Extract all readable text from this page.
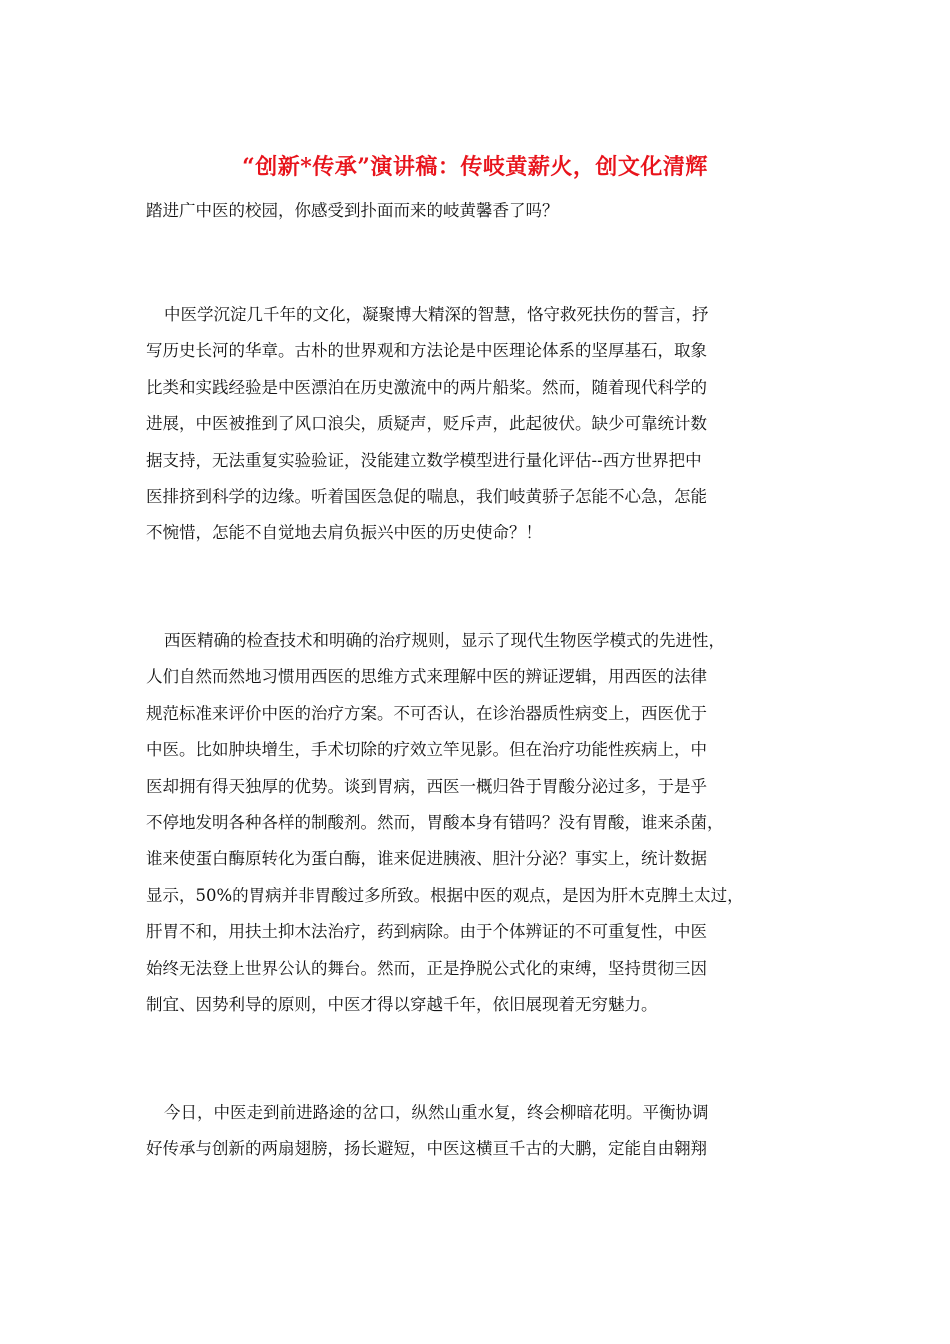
“创新*传承”演讲稿：传岐黄薪火，创文化清辉
踏进广中医的校园，你感受到扑面而来的岐黄馨香了吗？
中医学沉淀几千年的文化，凝聚博大精深的智慧，恪守救死扶伤的誓言，抒
写历史长河的华章。古朴的世界观和方法论是中医理论体系的坚厚基石，取象
比类和实践经验是中医漂泊在历史激流中的两片船桨。然而，随着现代科学的
进展，中医被推到了风口浪尖，质疑声，贬斥声，此起彼伏。缺少可靠统计数
据支持，无法重复实验验证，没能建立数学模型进行量化评估--西方世界把中
医排挤到科学的边缘。听着国医急促的喘息，我们岐黄骄子怎能不心急，怎能
不惋惜，怎能不自觉地去肩负振兴中医的历史使命？！
西医精确的检查技术和明确的治疗规则，显示了现代生物医学模式的先进性，
人们自然而然地习惯用西医的思维方式来理解中医的辨证逻辑，用西医的法律
规范标准来评价中医的治疗方案。不可否认，在诊治器质性病变上，西医优于
中医。比如肿块增生，手术切除的疗效立竿见影。但在治疗功能性疾病上，中
医却拥有得天独厚的优势。谈到胃病，西医一概归咎于胃酸分泌过多，于是乎
不停地发明各种各样的制酸剂。然而，胃酸本身有错吗？没有胃酸，谁来杀菌，
谁来使蛋白酶原转化为蛋白酶，谁来促进胰液、胆汁分泌？事实上，统计数据
显示，50%的胃病并非胃酸过多所致。根据中医的观点，是因为肝木克脾土太过，
肝胃不和，用扶土抑木法治疗，药到病除。由于个体辨证的不可重复性，中医
始终无法登上世界公认的舞台。然而，正是挣脱公式化的束缚，坚持贯彻三因
制宜、因势利导的原则，中医才得以穿越千年，依旧展现着无穷魅力。
今日，中医走到前进路途的岔口，纵然山重水复，终会柳暗花明。平衡协调
好传承与创新的两扇翅膀，扬长避短，中医这横亘千古的大鹏，定能自由翱翔
